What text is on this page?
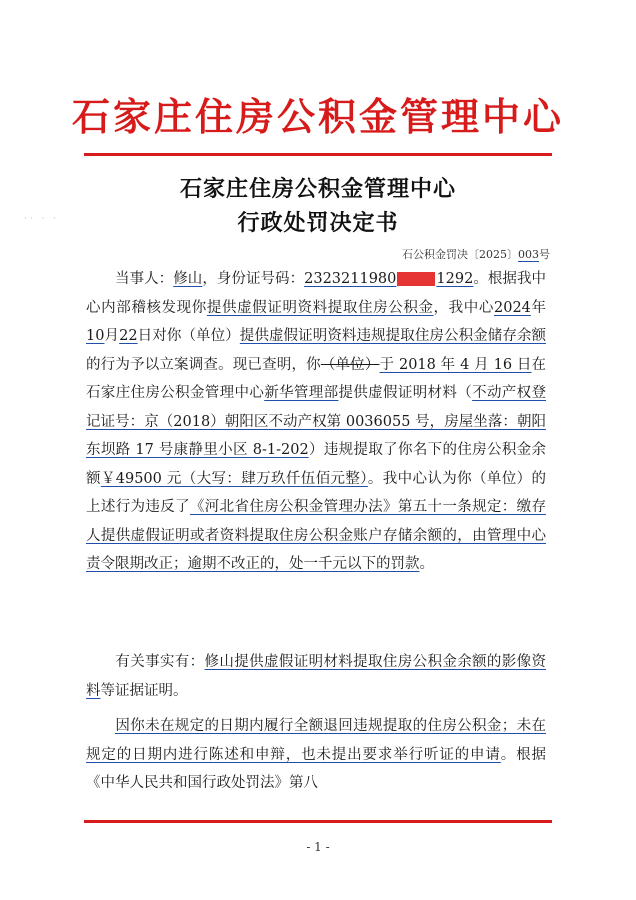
石家庄住房公积金管理中心
石家庄住房公积金管理中心
行政处罚决定书
石公积金罚决〔2025〕003号
·· · ·
当事人：修山，身份证号码：2323211980	1292。根据我中心内部稽核发现你提供虚假证明资料提取住房公积金，我中心2024年10月22日对你（单位）提供虚假证明资料违规提取住房公积金储存余额的行为予以立案调查。现已查明，你（单位）于 2018 年 4 月 16 日在石家庄住房公积金管理中心新华管理部提供虚假证明材料（不动产权登记证号：京（2018）朝阳区不动产权第 0036055 号，房屋坐落：朝阳东坝路 17 号康静里小区 8-1-202）违规提取了你名下的住房公积金余额￥49500 元（大写：肆万玖仟伍佰元整）。我中心认为你（单位）的上述行为违反了《河北省住房公积金管理办法》第五十一条规定：缴存人提供虚假证明或者资料提取住房公积金账户存储余额的，由管理中心责令限期改正；逾期不改正的，处一千元以下的罚款。
有关事实有：修山提供虚假证明材料提取住房公积金余额的影像资料等证据证明。
因你未在规定的日期内履行全额退回违规提取的住房公积金；未在规定的日期内进行陈述和申辩，也未提出要求举行听证的申请。根据《中华人民共和国行政处罚法》第八
- 1 -
